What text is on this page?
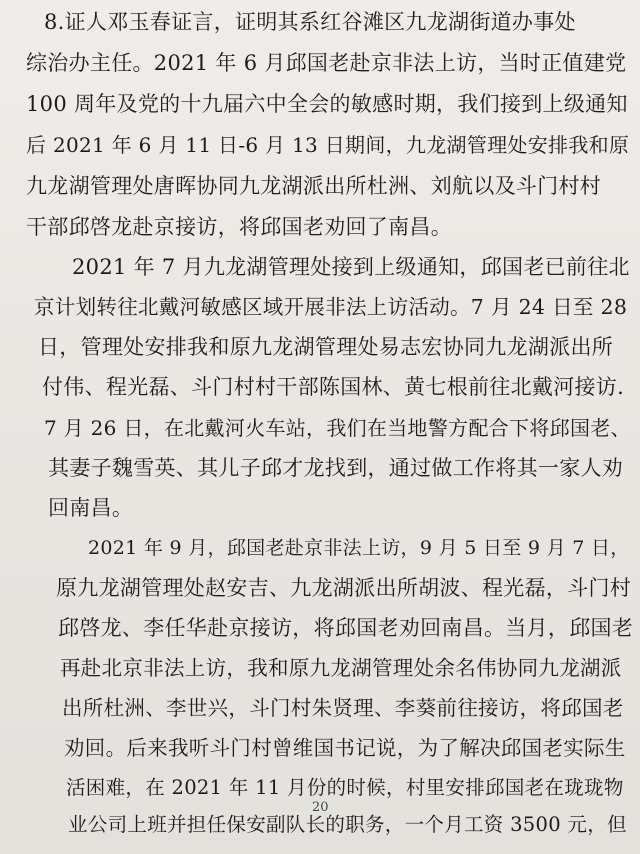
8.证人邓玉春证言，证明其系红谷滩区九龙湖街道办事处
综治办主任。2021 年 6 月邱国老赴京非法上访，当时正值建党
100 周年及党的十九届六中全会的敏感时期，我们接到上级通知
后 2021 年 6 月 11 日-6 月 13 日期间，九龙湖管理处安排我和原
九龙湖管理处唐晖协同九龙湖派出所杜洲、刘航以及斗门村村
干部邱啓龙赴京接访，将邱国老劝回了南昌。
2021 年 7 月九龙湖管理处接到上级通知，邱国老已前往北
京计划转往北戴河敏感区域开展非法上访活动。7 月 24 日至 28
日，管理处安排我和原九龙湖管理处易志宏协同九龙湖派出所
付伟、程光磊、斗门村村干部陈国林、黄七根前往北戴河接访.
7 月 26 日，在北戴河火车站，我们在当地警方配合下将邱国老、
其妻子魏雪英、其儿子邱才龙找到，通过做工作将其一家人劝
回南昌。
2021 年 9 月，邱国老赴京非法上访，9 月 5 日至 9 月 7 日，
原九龙湖管理处赵安吉、九龙湖派出所胡波、程光磊，斗门村
邱啓龙、李任华赴京接访，将邱国老劝回南昌。当月，邱国老
再赴北京非法上访，我和原九龙湖管理处余名伟协同九龙湖派
出所杜洲、李世兴，斗门村朱贤理、李葵前往接访，将邱国老
劝回。后来我听斗门村曾维国书记说，为了解决邱国老实际生
活困难，在 2021 年 11 月份的时候，村里安排邱国老在珑珑物
业公司上班并担任保安副队长的职务，一个月工资 3500 元，但
20
